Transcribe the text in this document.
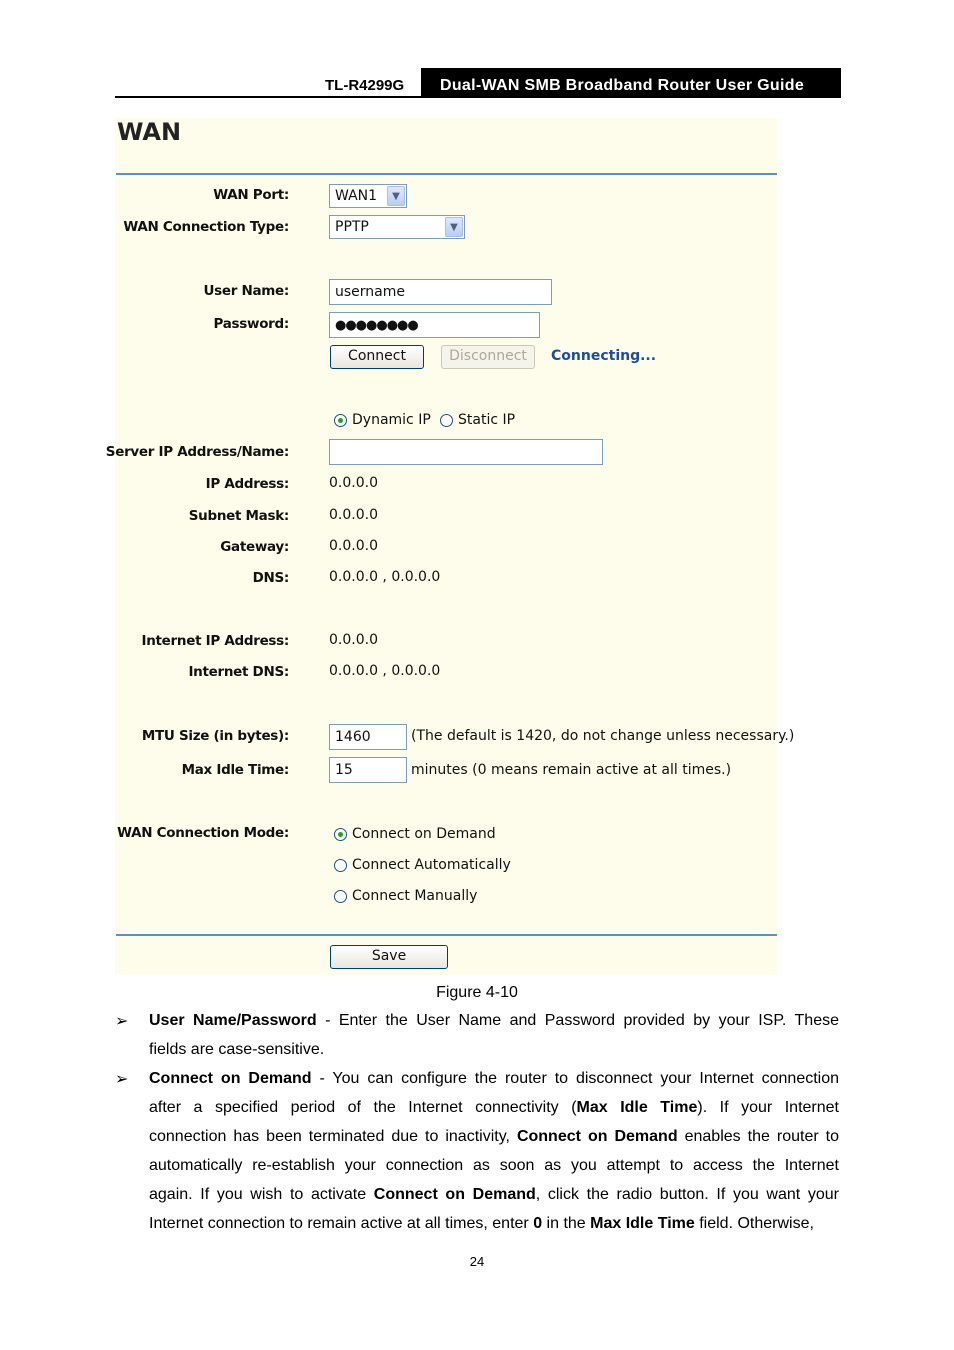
TL-R4299G	Dual-WAN SMB Broadband Router User Guide
WAN
WAN Port:	WAN1	▼
WAN Connection Type:	PPTP	▼
User Name:	username
Password:	●●●●●●●●
Connect	Disconnect	Connecting...
Dynamic IP Static IP
Server IP Address/Name:
IP Address:	0.0.0.0
Subnet Mask:	0.0.0.0
Gateway:	0.0.0.0
DNS:	0.0.0.0 , 0.0.0.0
Internet IP Address:	0.0.0.0
Internet DNS:	0.0.0.0 , 0.0.0.0
MTU Size (in bytes):	1460	(The default is 1420, do not change unless necessary.)
Max Idle Time:	15	minutes (0 means remain active at all times.)
WAN Connection Mode:	Connect on Demand
Connect Automatically
Connect Manually
Save
Figure 4-10
➢ User Name/Password - Enter the User Name and Password provided by your ISP. These
fields are case-sensitive.
➢ Connect on Demand - You can configure the router to disconnect your Internet connection
after a specified period of the Internet connectivity (Max Idle Time). If your Internet
connection has been terminated due to inactivity, Connect on Demand enables the router to
automatically re-establish your connection as soon as you attempt to access the Internet
again. If you wish to activate Connect on Demand, click the radio button. If you want your
Internet connection to remain active at all times, enter 0 in the Max Idle Time field. Otherwise,
24
